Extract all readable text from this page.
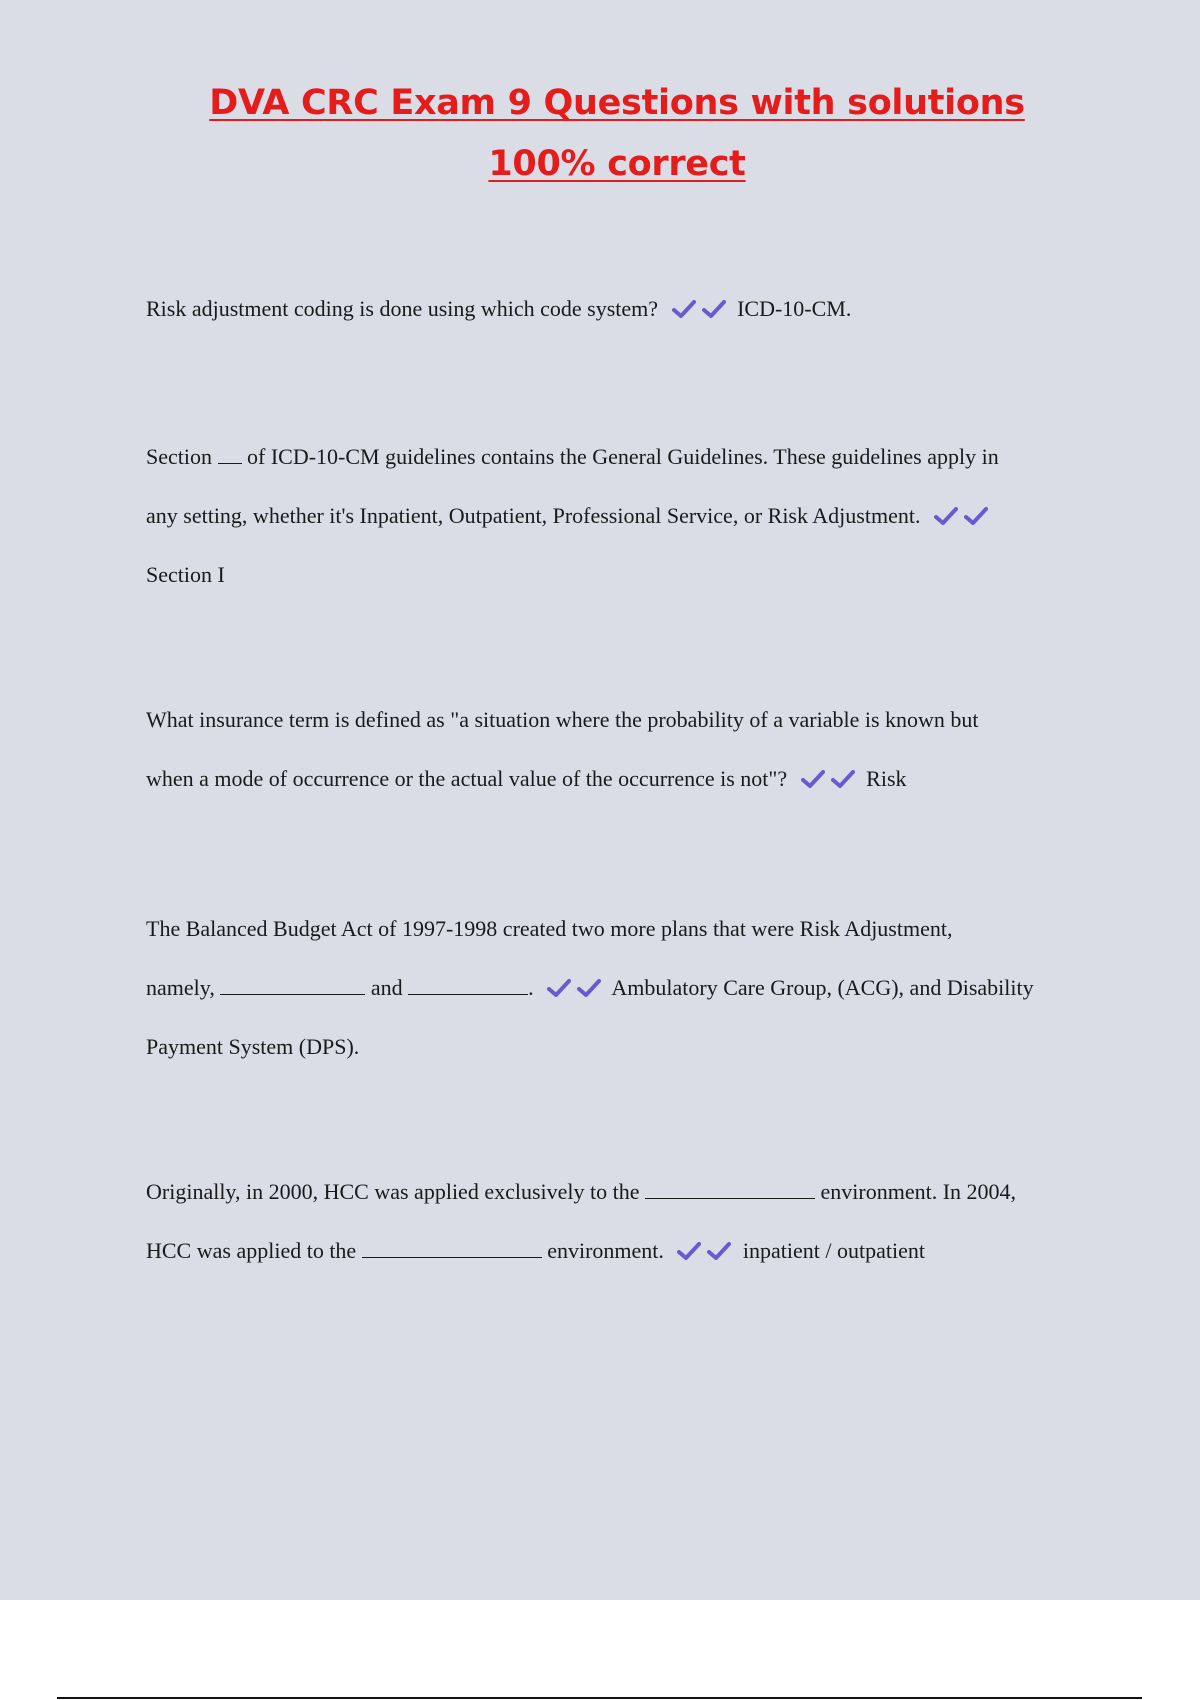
DVA CRC Exam 9 Questions with solutions
100% correct
Risk adjustment coding is done using which code system?	ICD-10-CM.
Section  of ICD-10-CM guidelines contains the General Guidelines. These guidelines apply in
any setting, whether it's Inpatient, Outpatient, Professional Service, or Risk Adjustment.
Section I
What insurance term is defined as "a situation where the probability of a variable is known but
when a mode of occurrence or the actual value of the occurrence is not"?	Risk
The Balanced Budget Act of 1997-1998 created two more plans that were Risk Adjustment,
namely,	and	.	Ambulatory Care Group, (ACG), and Disability
Payment System (DPS).
Originally, in 2000, HCC was applied exclusively to the	environment. In 2004,
HCC was applied to the	environment.	inpatient / outpatient
